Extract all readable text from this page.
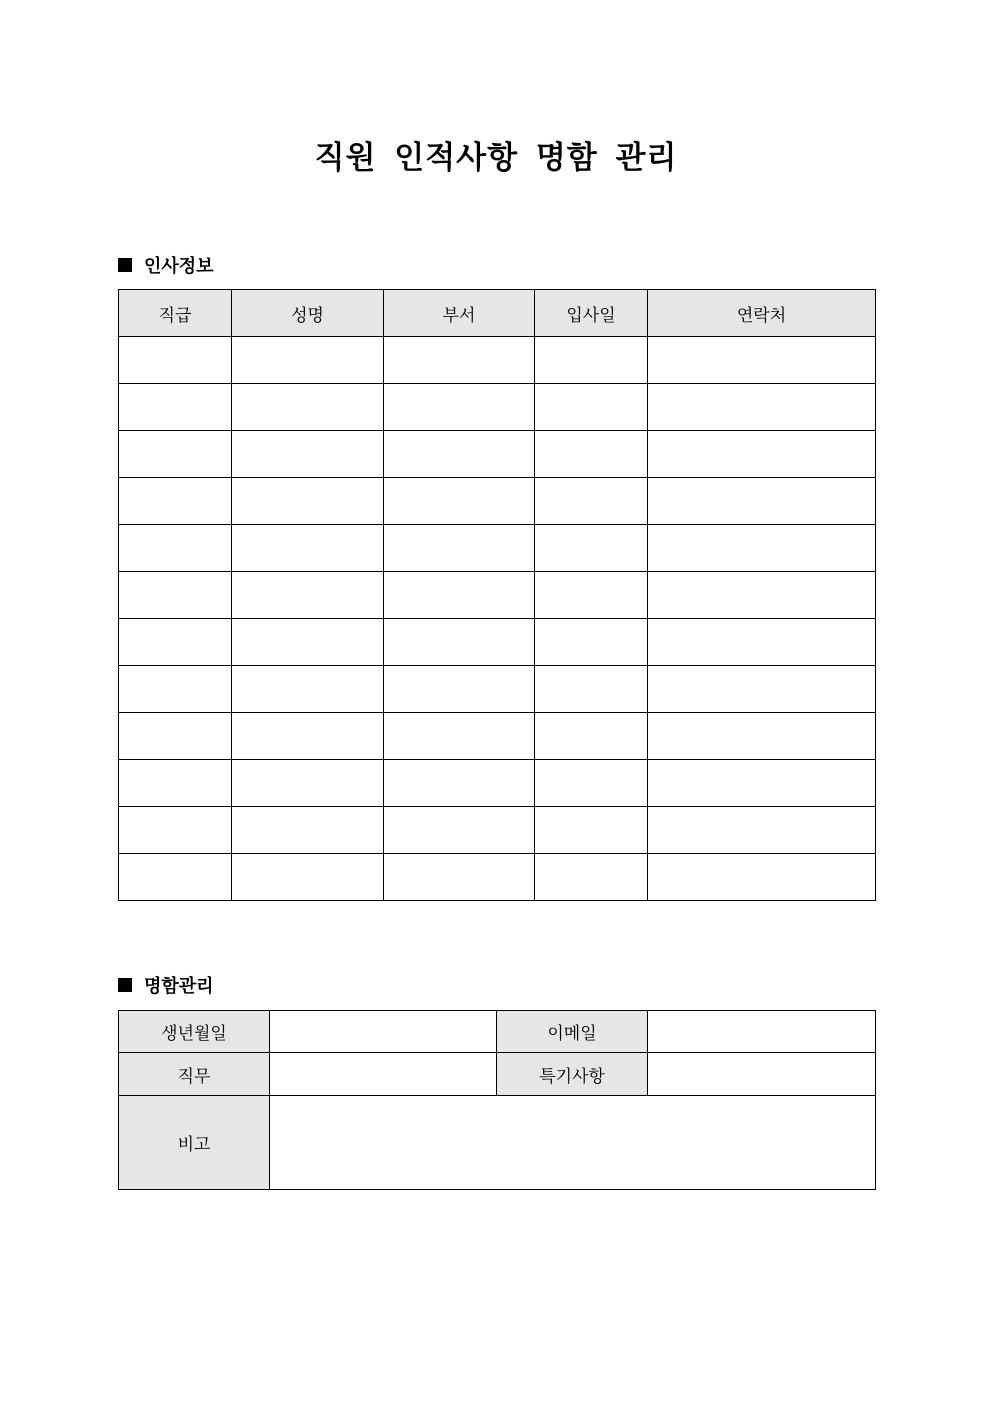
직원 인적사항 명함 관리
인사정보
직급	성명	부서	입사일	연락처

명함관리
생년월일		이메일	
직무		특기사항	
비고			
